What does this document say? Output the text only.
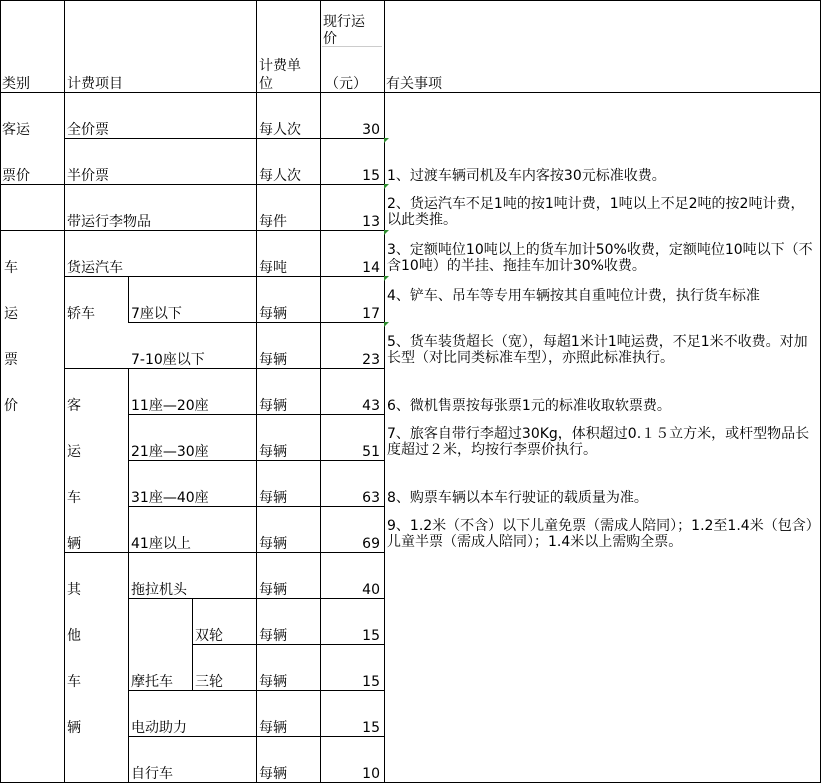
类别	计费项目
计费单
位
现行运
价
（元） 有关事项
客运
票价
车
运
票
价
轿车
客
运
车
辆
其
他
车
辆
摩托车
全价票
半价票
带运行李物品
货运汽车
7座以下
7-10座以下
11座—20座
21座—30座
31座—40座
41座以上
拖拉机头
双轮
三轮
电动助力
自行车
每人次
每人次
每件
每吨
每辆
每辆
每辆
每辆
每辆
每辆
每辆
每辆
每辆
每辆
每辆
30
15
13
14
17
23
43
51
63
69
40
15
15
15
10
1、过渡车辆司机及车内客按30元标准收费。
2、货运汽车不足1吨的按1吨计费，1吨以上不足2吨的按2吨计费，以此类推。
3、定额吨位10吨以上的货车加计50%收费，定额吨位10吨以下（不含10吨）的半挂、拖挂车加计30%收费。
4、铲车、吊车等专用车辆按其自重吨位计费，执行货车标准
5、货车装货超长（宽），每超1米计1吨运费，不足1米不收费。对加长型（对比同类标准车型），亦照此标准执行。
6、微机售票按每张票1元的标准收取软票费。
7、旅客自带行李超过30Kg，体积超过0.１５立方米，或杆型物品长度超过２米，均按行李票价执行。
8、购票车辆以本车行驶证的载质量为准。
9、1.2米（不含）以下儿童免票（需成人陪同）；1.2至1.4米（包含）儿童半票（需成人陪同）；1.4米以上需购全票。
